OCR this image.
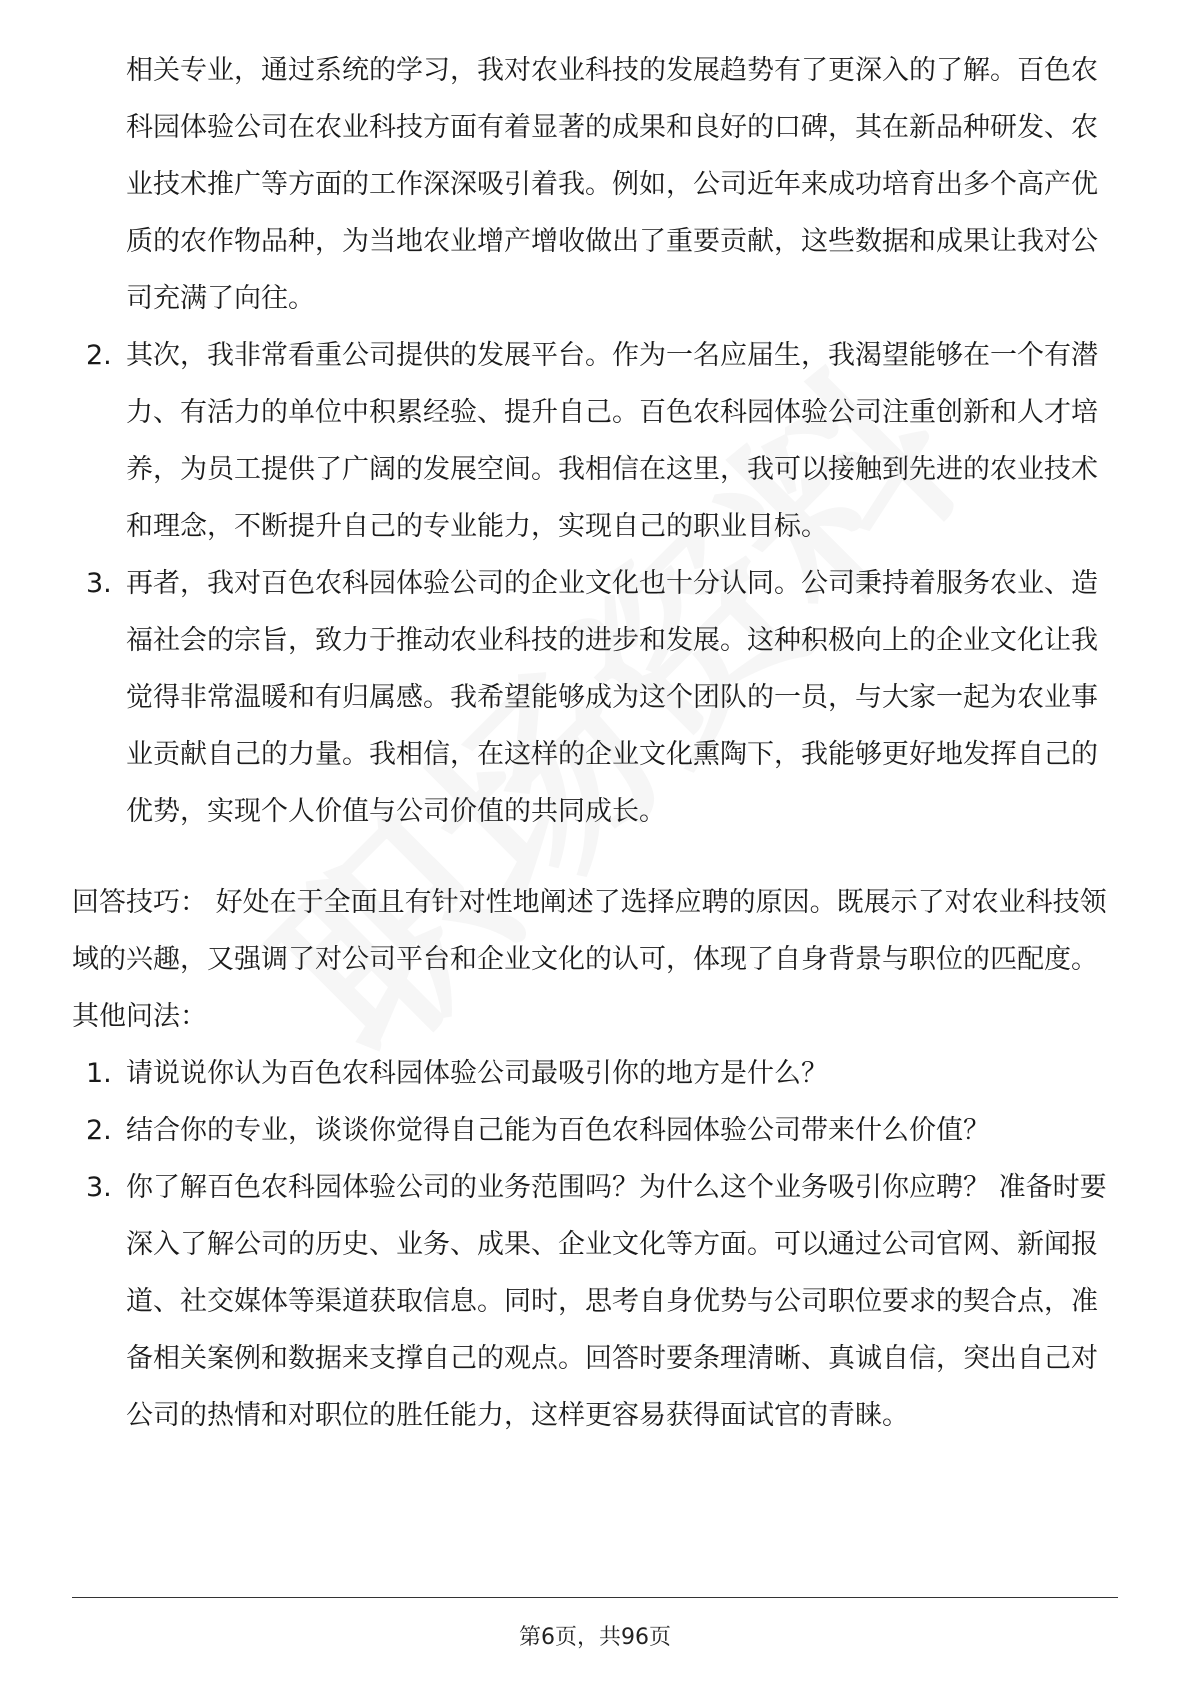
相关专业，通过系统的学习，我对农业科技的发展趋势有了更深入的了解。百色农科园体验公司在农业科技方面有着显著的成果和良好的口碑，其在新品种研发、农业技术推广等方面的工作深深吸引着我。例如，公司近年来成功培育出多个高产优质的农作物品种，为当地农业增产增收做出了重要贡献，这些数据和成果让我对公司充满了向往。

2. 其次，我非常看重公司提供的发展平台。作为一名应届生，我渴望能够在一个有潜力、有活力的单位中积累经验、提升自己。百色农科园体验公司注重创新和人才培养，为员工提供了广阔的发展空间。我相信在这里，我可以接触到先进的农业技术和理念，不断提升自己的专业能力，实现自己的职业目标。
3. 再者，我对百色农科园体验公司的企业文化也十分认同。公司秉持着服务农业、造福社会的宗旨，致力于推动农业科技的进步和发展。这种积极向上的企业文化让我觉得非常温暖和有归属感。我希望能够成为这个团队的一员，与大家一起为农业事业贡献自己的力量。我相信，在这样的企业文化熏陶下，我能够更好地发挥自己的优势，实现个人价值与公司价值的共同成长。

回答技巧： 好处在于全面且有针对性地阐述了选择应聘的原因。既展示了对农业科技领域的兴趣，又强调了对公司平台和企业文化的认可，体现了自身背景与职位的匹配度。 其他问法：

1. 请说说你认为百色农科园体验公司最吸引你的地方是什么？
2. 结合你的专业，谈谈你觉得自己能为百色农科园体验公司带来什么价值？
3. 你了解百色农科园体验公司的业务范围吗？为什么这个业务吸引你应聘？ 准备时要深入了解公司的历史、业务、成果、企业文化等方面。可以通过公司官网、新闻报道、社交媒体等渠道获取信息。同时，思考自身优势与公司职位要求的契合点，准备相关案例和数据来支撑自己的观点。回答时要条理清晰、真诚自信，突出自己对公司的热情和对职位的胜任能力，这样更容易获得面试官的青睐。
第6页，共96页
